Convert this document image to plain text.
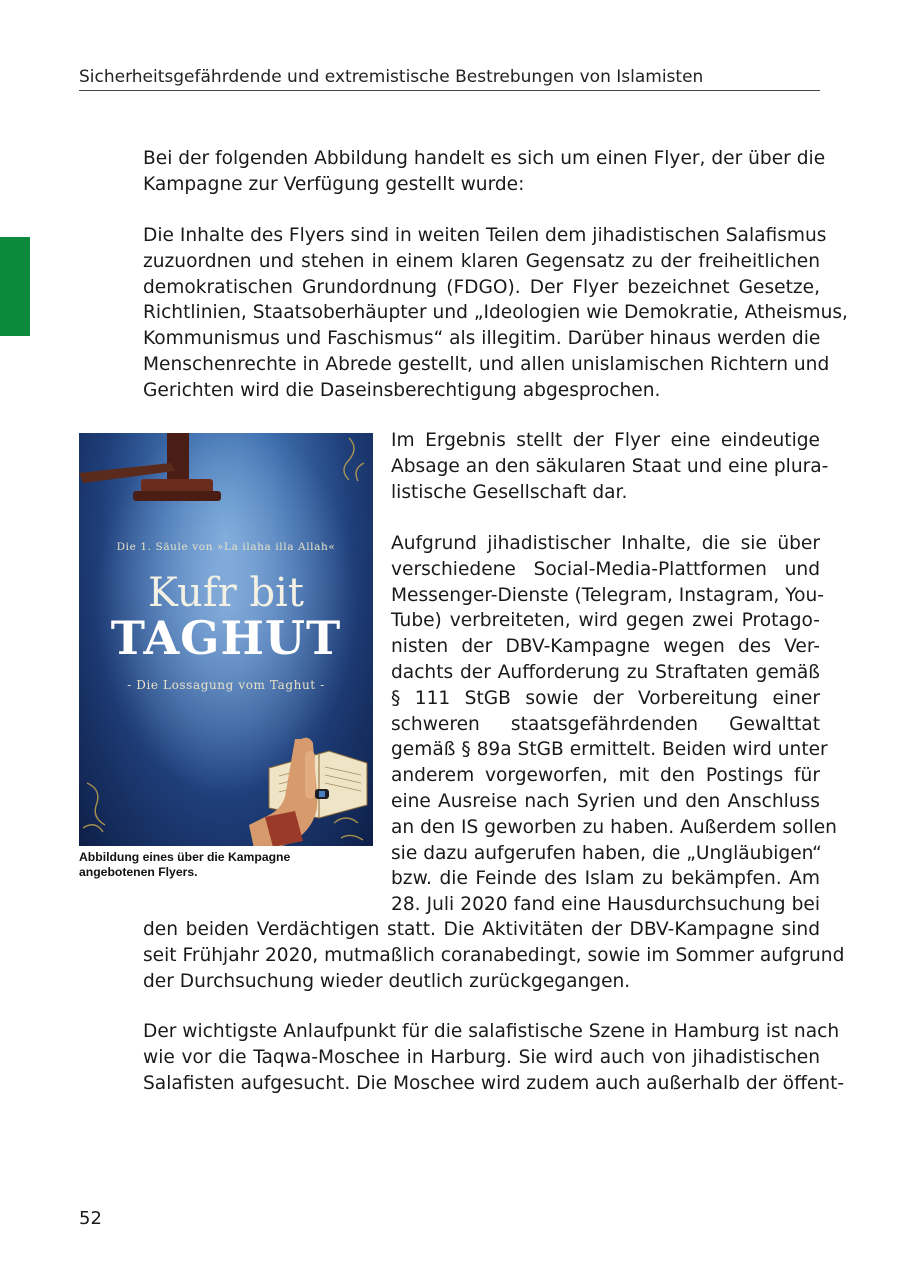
Sicherheitsgefährdende und extremistische Bestrebungen von Islamisten
Bei der folgenden Abbildung handelt es sich um einen Flyer, der über die
Kampagne zur Verfügung gestellt wurde:
Die Inhalte des Flyers sind in weiten Teilen dem jihadistischen Salafismus
zuzuordnen und stehen in einem klaren Gegensatz zu der freiheitlichen
demokratischen Grundordnung (FDGO). Der Flyer bezeichnet Gesetze,
Richtlinien, Staatsoberhäupter und „Ideologien wie Demokratie, Atheismus,
Kommunismus und Faschismus“ als illegitim. Darüber hinaus werden die
Menschenrechte in Abrede gestellt, und allen unislamischen Richtern und
Gerichten wird die Daseinsberechtigung abgesprochen.
Die 1. Säule von »La ilaha illa Allah«
Kufr bit
TAGHUT
- Die Lossagung vom Taghut -
Abbildung eines über die Kampagne
angebotenen Flyers.
Im Ergebnis stellt der Flyer eine eindeutige
Absage an den säkularen Staat und eine plura-
listische Gesellschaft dar.
Aufgrund jihadistischer Inhalte, die sie über
verschiedene Social-Media-Plattformen und
Messenger-Dienste (Telegram, Instagram, You-
Tube) verbreiteten, wird gegen zwei Protago-
nisten der DBV-Kampagne wegen des Ver-
dachts der Aufforderung zu Straftaten gemäß
§ 111 StGB sowie der Vorbereitung einer
schweren staatsgefährdenden Gewalttat
gemäß § 89a StGB ermittelt. Beiden wird unter
anderem vorgeworfen, mit den Postings für
eine Ausreise nach Syrien und den Anschluss
an den IS geworben zu haben. Außerdem sollen
sie dazu aufgerufen haben, die „Ungläubigen“
bzw. die Feinde des Islam zu bekämpfen. Am
28. Juli 2020 fand eine Hausdurchsuchung bei
den beiden Verdächtigen statt. Die Aktivitäten der DBV-Kampagne sind
seit Frühjahr 2020, mutmaßlich coranabedingt, sowie im Sommer aufgrund
der Durchsuchung wieder deutlich zurückgegangen.
Der wichtigste Anlaufpunkt für die salafistische Szene in Hamburg ist nach
wie vor die Taqwa-Moschee in Harburg. Sie wird auch von jihadistischen
Salafisten aufgesucht. Die Moschee wird zudem auch außerhalb der öffent-
52
